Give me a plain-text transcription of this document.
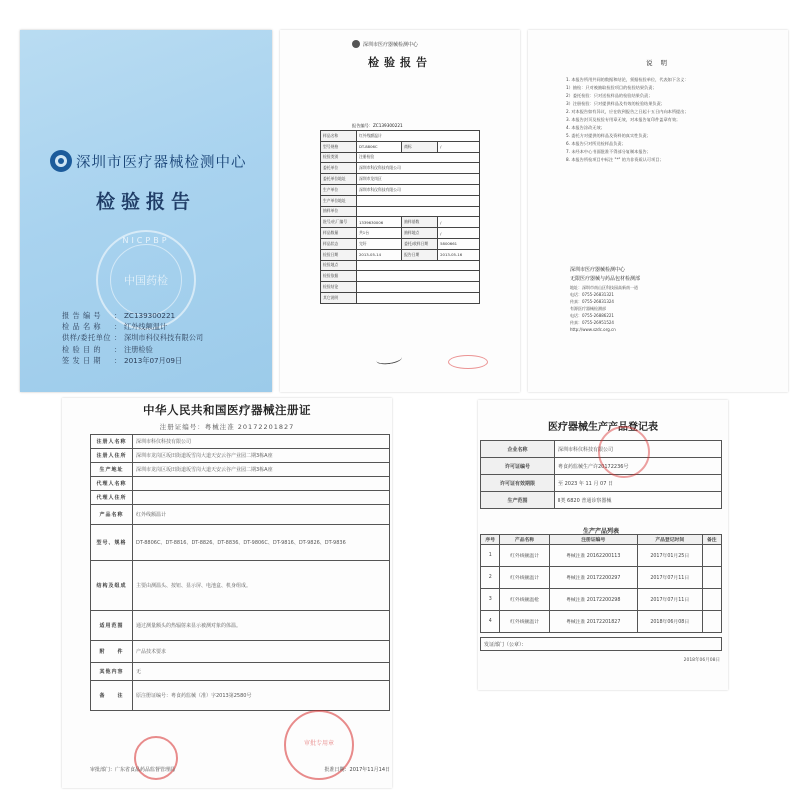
深圳市医疗器械检测中心
检验报告
NICPBP
中国药检
报 告 编 号	： ZC139300221
检 品 名 称	： 红外线额温计
供样/委托单位 ： 深圳市科仪科技有限公司
检 验 目 的	： 注册检验
签 发 日 期	： 2013年07月09日
深圳市医疗器械检测中心
检验报告
报告编号：ZC139300221
样品名称	红外线额温计		
型号规格	DT-8806C	商标	/
检验类别	注册检验		
委托单位	深圳市科仪科技有限公司		
委托单位地址	深圳市龙岗区		
生产单位	深圳市科仪科技有限公司		
生产单位地址			
抽样单位			
批号/出厂编号	1339630006	抽样基数	/
样品数量	共1台	抽样地点	/
样品状态	完好	委托/收样日期	5800661
检验日期	2013-05-14	报告日期	2013-05-16
检验地点			
检验依据			
检验结论			
其它说明			
说 明
1. 本报告所用共同的数据和结论，须据检验单位，代表如下含义：
1）抽检：只对被抽取检验项目的检验结果负责；
2）委托检验：只对送检样品的检验结果负责；
3）注册检验：只对提供样品及有效的检验结果负责；
2. 对本报告如有异议，应在收到报告之日起十五日内向本所提出；
3. 本报告封页及检验专用章无效，对本报告复印件盖章有效；
4. 本报告涂改无效；
5. 委托方对提供的样品及资料的真实性负责；
6. 本报告只对所送检样品负责；
7. 未经本中心书面批准不得部分复制本报告；
8. 本报告所检项目中标注 "*" 的为非资质认可项目；
深圳市医疗器械检测中心
无限医疗器械与药品包材检测部
地址：深圳市南山区科技园高新南一道
电话：0755-26831321
传真：0755-26831324
有源医疗器械检测部
电话：0755-26886221
传真：0755-26951524
http://www.szdc.org.cn
中华人民共和国医疗器械注册证
注册证编号：粤械注准 20172201827
注册人名称	深圳市科仪科技有限公司
注册人住所	深圳市龙岗区坂田街道坂雪岗大道天安云谷产业园二期3栋A座
生产地址	深圳市龙岗区坂田街道坂雪岗大道天安云谷产业园二期3栋A座
代理人名称	
代理人住所	
产品名称	红外线额温计
型号、规格	DT-8806C、DT-8816、DT-8826、DT-8836、DT-9806C、DT-9816、DT-9826、DT-9836
结构及组成	主要由测温头、按钮、显示屏、电池盒、机身组成。
适用范围	通过测量额头的热辐射来显示被测对象的体温。
附　　件	产品技术要求
其他内容	无
备　　注	原注册证编号：粤食药监械（准）字2013第2580号
审批专用章
审批部门：广东省食品药品监督管理局	批准日期：2017年11月14日
医疗器械生产产品登记表
企业名称	深圳市科仪科技有限公司
许可证编号	粤食药监械生产许20172236号
许可证有效期限	至 2023 年 11 月 07 日
生产范围	Ⅱ类 6820 普通诊察器械
生产产品列表
序号	产品名称	注册证编号	产品登记时间	备注
1	红外线额温计	粤械注准 20162200113	2017年01月25日	
2	红外线额温计	粤械注准 20172200297	2017年07月11日	
3	红外线额温枪	粤械注准 20172200298	2017年07月11日	
4	红外线额温计	粤械注准 20172201827	2018年06月08日	
发证部门（公章）：
2018年06月08日
